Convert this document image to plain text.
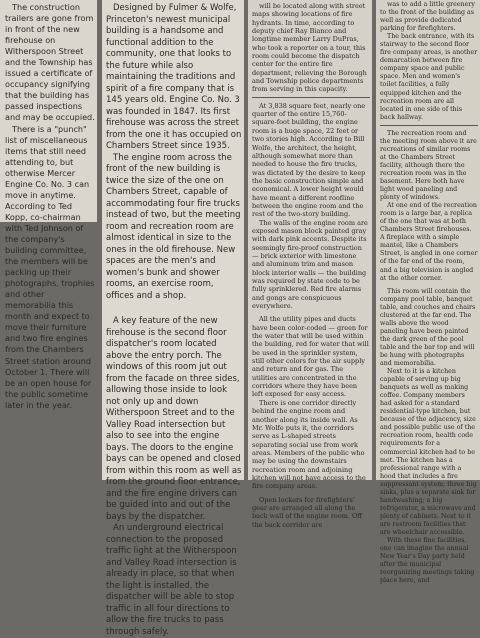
The construction trailers are gone from in front of the new firehouse on Witherspoon Street and the Township has issued a certificate of occupancy signifying that the building has passed inspections and may be occupied.

There is a "punch" list of miscellaneous items that still need attending to, but otherwise Mercer Engine Co. No. 3 can move in anytime. According to Ted Kopp, co-chairman with Ted Johnson of the company's building committee, the members will be packing up their photographs, trophies and other memorabilia this month and expect to move their furniture and two fire engines from the Chambers Street station around October 1. There will be an open house for the public sometime later in the year.

Designed by Fulmer & Wolfe, Princeton's newest municipal building is a handsome and functional addition to the community, one that looks to the future while also maintaining the traditions and spirit of a fire company that is 145 years old. Engine Co. No. 3 was founded in 1847. Its first firehouse was across the street from the one it has occupied on Chambers Street since 1935.

The engine room across the front of the new building is twice the size of the one on Chambers Street, capable of accommodating four fire trucks instead of two, but the meeting room and recreation room are almost identical in size to the ones in the old firehouse. New spaces are the men's and women's bunk and shower rooms, an exercise room, offices and a shop.

A key feature of the new firehouse is the second floor dispatcher's room located above the entry porch. The windows of this room jut out from the facade on three sides, allowing those inside to look not only up and down Witherspoon Street and to the Valley Road intersection but also to see into the engine bays. The doors to the engine bays can be opened and closed from within this room as well as from the ground floor entrance, and the fire engine drivers can be guided into and out of the bays by the dispatcher.

An underground electrical connection to the proposed traffic light at the Witherspoon and Valley Road intersection is already in place, so that when the light is installed, the dispatcher will be able to stop traffic in all four directions to allow the fire trucks to pass through safely.

will be located along with street maps showing locations of fire hydrants. In time, according to deputy chief Ray Bianco and longtime member Larry DuPras, who took a reporter on a tour, this room could become the dispatch center for the entire fire department, relieving the Borough and Township police departments from serving in this capacity.

At 3,838 square feet, nearly one quarter of the entire 15,760-square-foot building, the engine room is a huge space, 22 feet or two stories high. According to Bill Wolfe, the architect, the height, although somewhat more than needed to house the fire trucks, was dictated by the desire to keep the basic construction simple and economical. A lower height would have meant a different roofline between the engine room and the rest of the two-story building.

The walls of the engine room are exposed mason block painted gray with dark pink accents. Despite its seemingly fire-proof construction — brick exterior with limestone and aluminum trim and mason block interior walls — the building was required by state code to be fully sprinklered. Red fire alarms and gongs are conspicuous everywhere.

All the utility pipes and ducts have been color-coded — green for the water that will be used within the building, red for water that will be used in the sprinkler system, still other colors for the air supply and return and for gas. The utilities are concentrated in the corridors where they have been left exposed for easy access.

There is one corridor directly behind the engine room and another along its inside wall. As Mr. Wolfe puts it, the corridors serve as L-shaped streets separating social use from work areas. Members of the public who may be using the downstairs recreation room and adjoining kitchen will not have access to the fire company areas.

Open lockers for firefighters' gear are arranged all along the back wall of the engine room. Off the back corridor are

was to add a little greenery to the front of the building as well as provide dedicated parking for firefighters.

The back entrance, with its stairway to the second floor fire company areas, is another demarcation between fire company space and public space. Men and women's toilet facilities, a fully equipped kitchen and the recreation room are all located in one side of this back hallway.

The recreation room and the meeting room above it are recreations of similar rooms at the Chambers Street facility, although there the recreation room was in the basement. Here both have light wood paneling and plenty of windows.

At one end of the recreation room is a large bar, a replica of the one that was at both Chambers Street firehouses. A fireplace with a simple mantel, like a Chambers Street, is angled in one corner of the far end of the room, and a big television is angled at the other corner.

This room will contain the company pool table, banquet table, and couches and chairs clustered at the far end. The walls above the wood paneling have been painted the dark green of the pool table and the bar top and will be hung with photographs and memorabilia.

Next to it is a kitchen capable of serving up big banquets as well as making coffee. Company members had asked for a standard residential-type kitchen, but because of the adjacency, size and possible public use of the recreation room, health code requirements for a commercial kitchen had to be met. The kitchen has a professional range with a hood that includes a fire suppressant system; three big sinks, plus a separate sink for handwashing; a big refrigerator, a microwave and plenty of cabinets. Next to it are restroom facilities that are wheelchair accessible.

With these fine facilities, one can imagine the annual New Year's Day party held after the municipal reorganizing meetings taking place here, and
